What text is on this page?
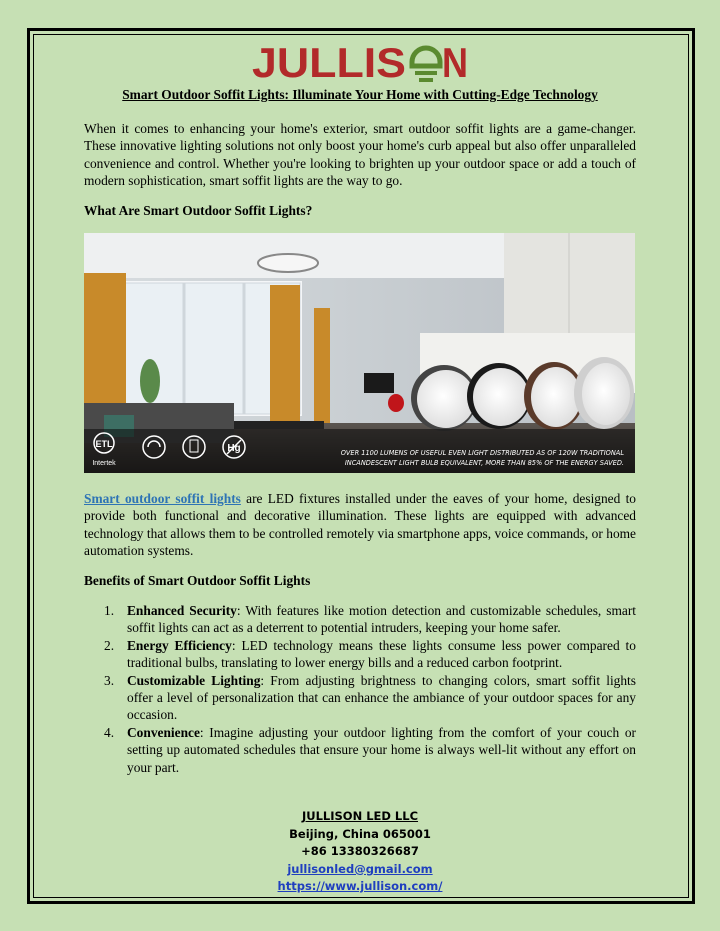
JULLIS N
Smart Outdoor Soffit Lights: Illuminate Your Home with Cutting-Edge Technology
When it comes to enhancing your home's exterior, smart outdoor soffit lights are a game-changer. These innovative lighting solutions not only boost your home's curb appeal but also offer unparalleled convenience and control. Whether you're looking to brighten up your outdoor space or add a touch of modern sophistication, smart soffit lights are the way to go.
What Are Smart Outdoor Soffit Lights?
ETL
Intertek
Hg	OVER 1100 LUMENS OF USEFUL EVEN LIGHT DISTRIBUTED AS OF 120W TRADITIONAL
INCANDESCENT LIGHT BULB EQUIVALENT, MORE THAN 85% OF THE ENERGY SAVED.
Smart outdoor soffit lights are LED fixtures installed under the eaves of your home, designed to provide both functional and decorative illumination. These lights are equipped with advanced technology that allows them to be controlled remotely via smartphone apps, voice commands, or home automation systems.
Benefits of Smart Outdoor Soffit Lights
1. Enhanced Security: With features like motion detection and customizable schedules, smart soffit lights can act as a deterrent to potential intruders, keeping your home safer.
2. Energy Efficiency: LED technology means these lights consume less power compared to traditional bulbs, translating to lower energy bills and a reduced carbon footprint.
3. Customizable Lighting: From adjusting brightness to changing colors, smart soffit lights offer a level of personalization that can enhance the ambiance of your outdoor spaces for any occasion.
4. Convenience: Imagine adjusting your outdoor lighting from the comfort of your couch or setting up automated schedules that ensure your home is always well-lit without any effort on your part.
JULLISON LED LLC
Beijing, China 065001
+86 13380326687
jullisonled@gmail.com
https://www.jullison.com/
